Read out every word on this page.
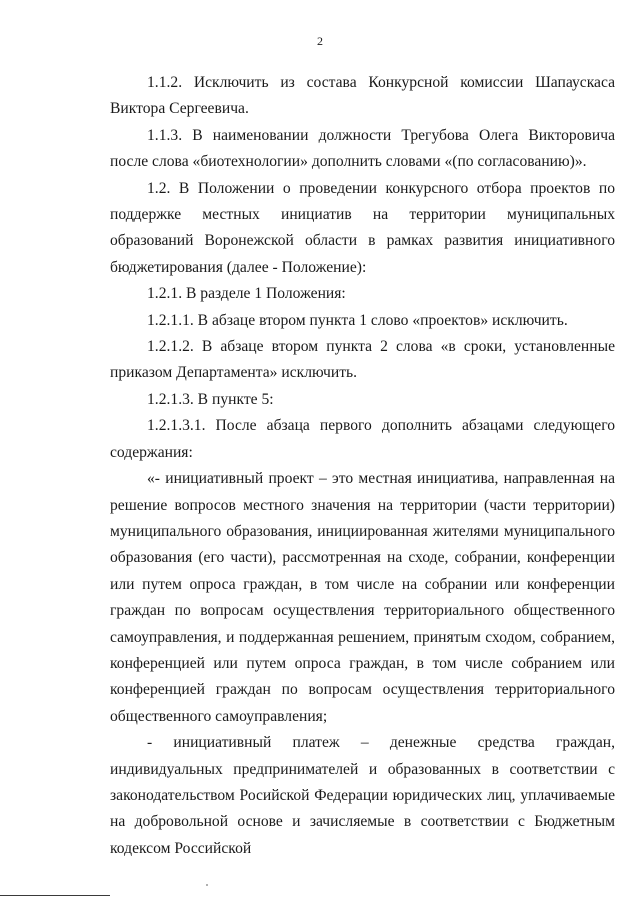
2

1.1.2. Исключить из состава Конкурсной комиссии Шапаускаса Виктора Сергеевича.

1.1.3. В наименовании должности Трегубова Олега Викторовича после слова «биотехнологии» дополнить словами «(по согласованию)».

1.2. В Положении о проведении конкурсного отбора проектов по поддержке местных инициатив на территории муниципальных образований Воронежской области в рамках развития инициативного бюджетирования (далее - Положение):

1.2.1. В разделе 1 Положения:

1.2.1.1. В абзаце втором пункта 1 слово «проектов» исключить.

1.2.1.2. В абзаце втором пункта 2 слова «в сроки, установленные приказом Департамента» исключить.

1.2.1.3. В пункте 5:

1.2.1.3.1. После абзаца первого дополнить абзацами следующего содержания:

«- инициативный проект – это местная инициатива, направленная на решение вопросов местного значения на территории (части территории) муниципального образования, инициированная жителями муниципального образования (его части), рассмотренная на сходе, собрании, конференции или путем опроса граждан, в том числе на собрании или конференции граждан по вопросам осуществления территориального общественного самоуправления, и поддержанная решением, принятым сходом, собранием, конференцией или путем опроса граждан, в том числе собранием или конференцией граждан по вопросам осуществления территориального общественного самоуправления;

- инициативный платеж – денежные средства граждан, индивидуальных предпринимателей и образованных в соответствии с законодательством Росийской Федерации юридических лиц, уплачиваемые на добровольной основе и зачисляемые в соответствии с Бюджетным кодексом Российской
